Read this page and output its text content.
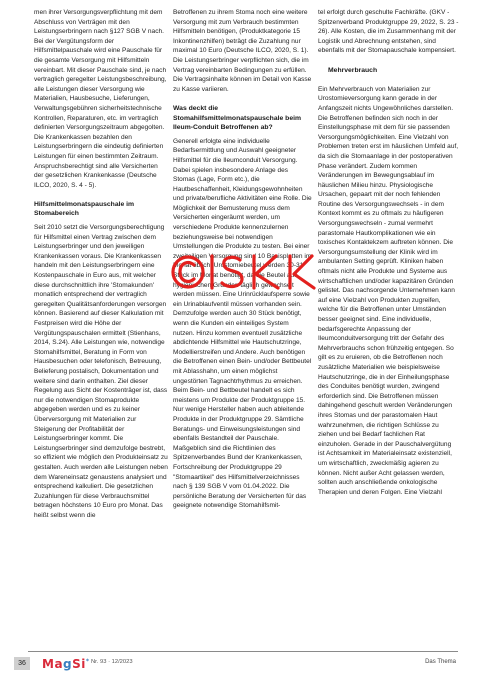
men ihrer Versorgungsverpflichtung mit dem Abschluss von Verträgen mit den Leistungserbringern nach §127 SGB V nach. Bei der Vergütungsform der Hilfsmittelpauschale wird eine Pauschale für die gesamte Versorgung mit Hilfsmitteln vereinbart. Mit dieser Pauschale sind, je nach vertraglich geregelter Leistungsbeschreibung, alle Leistungen dieser Versorgung wie Materialien, Hausbesuche, Lieferungen, Verwaltungsgebühren sicherheitstechnische Kontrollen, Reparaturen, etc. im vertraglich definierten Versorgungszeitraum abgegolten. Die Krankenkassen bezahlen den Leistungserbringern die eindeutig definierten Leistungen für einen bestimmten Zeitraum. Anspruchsberechtigt sind alle Versicherten der gesetzlichen Krankenkasse (Deutsche ILCO, 2020, S. 4 - 5).

Hilfsmittelmonatspauschale im Stomabereich

Seit 2010 setzt die Versorgungsberechtigung für Hilfsmittel einen Vertrag zwischen dem Leistungserbringer und den jeweiligen Krankenkassen voraus. Die Krankenkassen handeln mit den Leistungserbringern eine Kostenpauschale in Euro aus, mit welcher diese durchschnittlich ihre 'Stomakunden' monatlich entsprechend der vertraglich geregelten Qualitätsanforderungen versorgen können. Basierend auf dieser Kalkulation mit Festpreisen wird die Höhe der Vergütungspauschalen ermittelt (Stienhans, 2014, S.24). Alle Leistungen wie, notwendige Stomahilfsmittel, Beratung in Form von Hausbesuchen oder telefonisch, Betreuung, Belieferung postalisch, Dokumentation und weitere sind darin enthalten. Ziel dieser Regelung aus Sicht der Kostenträger ist, dass nur die notwendigen Stomaprodukte abgegeben werden und es zu keiner Überversorgung mit Materialien zur Steigerung der Profitabilität der Leistungserbringer kommt. Die Leistungserbringer sind demzufolge bestrebt, so effizient wie möglich den Produkteinsatz zu gestalten. Auch werden alle Leistungen neben dem Wareneinsatz genaustens analysiert und entsprechend kalkuliert. Die gesetzlichen Zuzahlungen für diese Verbrauchsmittel betragen höchstens 10 Euro pro Monat. Das heißt selbst wenn die

Betroffenen zu ihrem Stoma noch eine weitere Versorgung mit zum Verbrauch bestimmten Hilfsmitteln benötigen, (Produktkategorie 15 Inkontinenzhilfen) beträgt die Zuzahlung nur maximal 10 Euro (Deutsche ILCO, 2020, S. 1). Die Leistungserbringer verpflichten sich, die im Vertrag vereinbarten Bedingungen zu erfüllen. Die Vertragsinhalte können im Detail von Kasse zu Kasse variieren.

Was deckt die Stomahilfsmittelmonatspauschale beim Ileum-Conduit Betroffenen ab?

Generell erfolgte eine individuelle Bedarfsermittlung und Auswahl geeigneter Hilfsmittel für die Ileumconduit Versorgung. Dabei spielen insbesondere Anlage des Stomas (Lage, Form etc.), die Hautbeschaffenheit, Kleidungsgewohnheiten und private/berufliche Aktivitäten eine Rolle. Die Möglichkeit der Bemusterung muss dem Versicherten eingeräumt werden, um verschiedene Produkte kennenzulernen beziehungsweise bei notwendigen Umstellungen die Produkte zu testen. Bei einer zweiteiligen Versorgung sind 10 Basisplatten im Monat üblich. Urostomiebeutel werden 30-31 Stück im Monat benötigt, da die Beutel aus hygienischen Gründen täglich gewechselt werden müssen. Eine Urinrücklaufsperre sowie ein Urinablaufventil müssen vorhanden sein. Demzufolge werden auch 30 Stück benötigt, wenn die Kunden ein einteiliges System nutzen. Hinzu kommen eventuell zusätzliche abdichtende Hilfsmittel wie Hautschutzringe, Modellierstreifen und Andere. Auch benötigen die Betroffenen einen Bein- und/oder Bettbeutel mit Ablasshahn, um einen möglichst ungestörten Tagnachtrhythmus zu erreichen. Beim Bein- und Bettbeutel handelt es sich meistens um Produkte der Produktgruppe 15. Nur wenige Hersteller haben auch ableitende Produkte in der Produktgruppe 29. Sämtliche Beratungs- und Einweisungsleistungen sind ebenfalls Bestandteil der Pauschale. Maßgeblich sind die Richtlinien des Spitzenverbandes Bund der Krankenkassen, Fortschreibung der Produktgruppe 29 "Stomaartikel" des Hilfsmittelverzeichnisses nach § 139 SGB V vom 01.04.2022. Die persönliche Beratung der Versicherten für das geeignete notwendige Stomahilfsmit-

tel erfolgt durch geschulte Fachkräfte. (GKV - Spitzenverband Produktgruppe 29, 2022, S. 23 - 26). Alle Kosten, die im Zusammenhang mit der Logistik und Abrechnung entstehen, sind ebenfalls mit der Stomapauschale kompensiert.

Mehrverbrauch

Ein Mehrverbrauch von Materialien zur Urostomieversorgung kann gerade in der Anfangszeit nichts Ungewöhnliches darstellen. Die Betroffenen befinden sich noch in der Einstellungsphase mit dem für sie passenden Versorgungsmöglichkeiten. Eine Vielzahl von Problemen treten erst im häuslichen Umfeld auf, da sich die Stomaanlage in der postoperativen Phase verändert. Zudem kommen Veränderungen im Bewegungsablauf im häuslichen Milieu hinzu. Physiologische Ursachen, gepaart mit der noch fehlenden Routine des Versorgungswechsels - in dem Kontext kommt es zu oftmals zu häufigeren Versorgungswechseln - zumal vermehrt parastomale Hautkomplikationen wie ein toxisches Kontaktekzem auftreten können. Die Versorgungsumstellung der Klinik wird im ambulanten Setting geprüft. Kliniken haben oftmals nicht alle Produkte und Systeme aus wirtschaftlichen und/oder kapazitären Gründen gelistet. Das nachsorgende Unternehmen kann auf eine Vielzahl von Produkten zugreifen, welche für die Betroffenen unter Umständen besser geeignet sind. Eine individuelle, bedarfsgerechte Anpassung der Ileumconduitversorgung tritt der Gefahr des Mehrverbrauchs schon frühzeitig entgegen. So gilt es zu eruieren, ob die Betroffenen noch zusätzliche Materialien wie beispielsweise Hautschutzringe, die in der Einheilungsphase des Conduites benötigt wurden, zwingend erforderlich sind. Die Betroffenen müssen dahingehend geschult werden Veränderungen ihres Stomas und der parastomalen Haut wahrzunehmen, die richtigen Schlüsse zu ziehen und bei Bedarf fachlichen Rat einzuholen. Gerade in der Pauschalvergütung ist Achtsamkeit im Materialeinsatz existenziell, um wirtschaftlich, zweckmäßig agieren zu können. Nicht außer Acht gelassen werden, sollten auch anschließende onkologische Therapien und deren Folgen. Eine Vielzahl

36	MagSi* Nr. 93 · 12/2023	Das Thema
